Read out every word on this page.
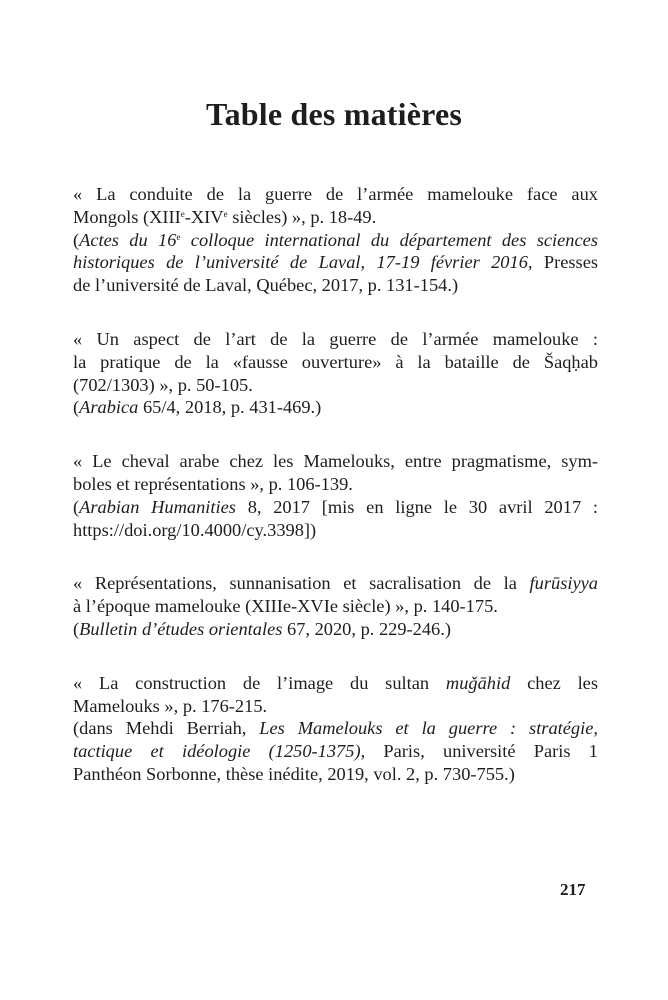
Table des matières

« La conduite de la guerre de l’armée mamelouke face aux
Mongols (XIIIe-XIVe siècles) », p. 18-49.
(Actes du 16e colloque international du département des sciences
historiques de l’université de Laval, 17-19 février 2016, Presses
de l’université de Laval, Québec, 2017, p. 131-154.)

« Un aspect de l’art de la guerre de l’armée mamelouke :
la pratique de la «fausse ouverture» à la bataille de Šaqḥab
(702/1303) », p. 50-105.
(Arabica 65/4, 2018, p. 431-469.)

« Le cheval arabe chez les Mamelouks, entre pragmatisme, sym-
boles et représentations », p. 106-139.
(Arabian Humanities 8, 2017 [mis en ligne le 30 avril 2017 :
https://doi.org/10.4000/cy.3398])

« Représentations, sunnanisation et sacralisation de la furūsiyya
à l’époque mamelouke (XIIIe-XVIe siècle) », p. 140-175.
(Bulletin d’études orientales 67, 2020, p. 229-246.)

« La construction de l’image du sultan muǧāhid chez les
Mamelouks », p. 176-215.
(dans Mehdi Berriah, Les Mamelouks et la guerre : stratégie,
tactique et idéologie (1250-1375), Paris, université Paris 1
Panthéon Sorbonne, thèse inédite, 2019, vol. 2, p. 730-755.)

217
